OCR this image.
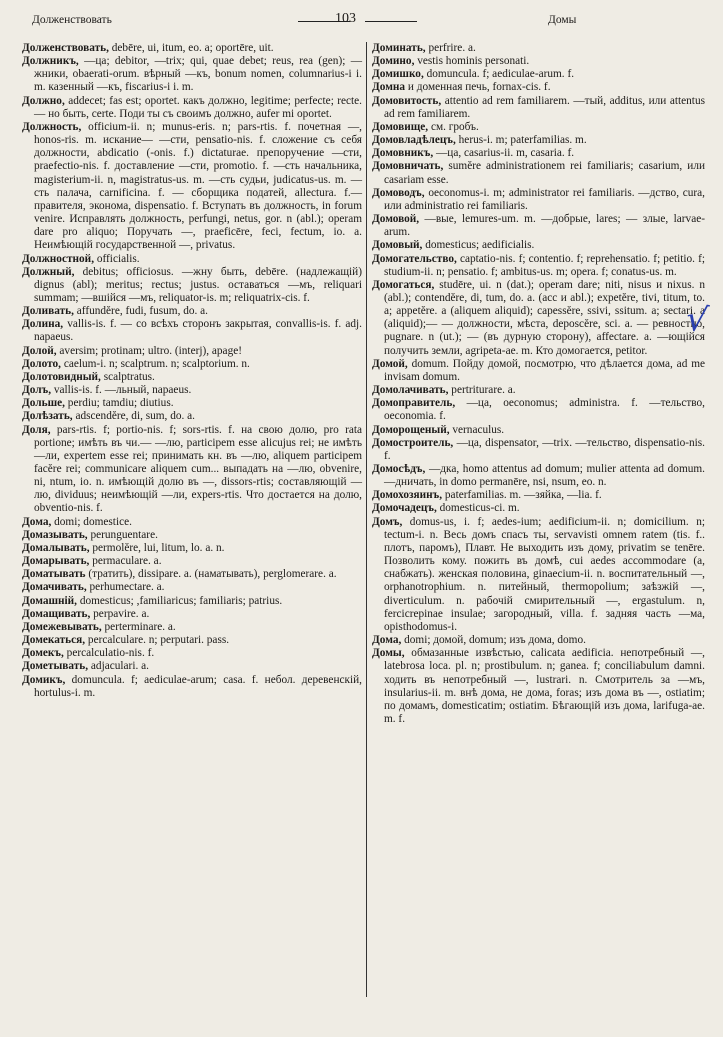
Долженствовать	103	Домы

Долженствовать, debēre, ui, itum, eo. a; oportēre, uit.

Должникъ, —ца; debitor, —trix; qui, quae debet; reus, rea (gen); —жники, obaerati-orum. вѣрный —къ, bonum nomen, columnarius-i i. m. казенный —къ, fiscarius-i i. m.

Должно, addecet; fas est; oportet. какъ должно, legitime; perfecte; recte. — но быть, certe. Поди ты съ своимъ должно, aufer mi oportet.

Должность, officium-ii. n; munus-eris. n; pars-rtis. f. почетная —, honos-ris. m. искание— —сти, pensatio-nis. f. сложение съ себя должности, abdicatio (-onis. f.) dictaturae. препоручение —сти, praefectio-nis. f. доставление —сти, promotio. f. —сть начальника, magisterium-ii. n, magistratus-us. m. —сть судьи, judicatus-us. m. —сть палача, carnificina. f. — сборщика податей, allectura. f.— правителя, эконома, dispensatio. f. Вступать въ должность, in forum venire. Исправлять должность, perfungi, netus, gor. n (abl.); operam dare pro aliquo; Поручать —, praeficēre, feci, fectum, io. a. Неимѣющій государственной —, privatus.

Должностной, officialis.

Должный, debitus; officiosus. —жну быть, debēre. (надлежащій) dignus (abl); meritus; rectus; justus. оставаться —мъ, reliquari summam; —вшійся —мъ, reliquator-is. m; reliquatrix-cis. f.

Доливать, affundĕre, fudi, fusum, do. a.

Долина, vallis-is. f. — со всѣхъ сторонъ закрытая, convallis-is. f. adj. napaeus.

Долой, aversim; protinam; ultro. (interj), apage!

Долото, caelum-i. n; scalptrum. n; scalptorium. n.

Долотовидный, scalptratus.

Долъ, vallis-is. f. —льный, napaeus.

Дольше, perdiu; tamdiu; diutius.

Долѣзать, adscendĕre, di, sum, do. a.

Доля, pars-rtis. f; portio-nis. f; sors-rtis. f. на свою долю, pro rata portione; имѣть въ чи.— —лю, participem esse alicujus rei; не имѣть —ли, expertem esse rei; принимать кн. въ —лю, aliquem participem facĕre rei; communicare aliquem cum... выпадать на —лю, obvenire, ni, ntum, io. n. имѣющій долю въ —, dissors-rtis; составляющій —лю, dividuus; неимѣющій —ли, expers-rtis. Что достается на долю, obventio-nis. f.

Дома, domi; domestice.

Домазывать, perunguentare.

Домалывать, permolĕre, lui, litum, lo. a. n.

Домарывать, permaculare. a.

Доматывать (тратить), dissipare. a. (наматывать), perglomerare. a.

Домачивать, perhumectare. a.

Домашній, domesticus; ,familiaricus; familiaris; patrius.

Домащивать, perpavire. a.

Домежевывать, perterminare. a.

Домекаться, percalculare. n; perputari. pass.

Домекъ, percalculatio-nis. f.

Дометывать, adjaculari. a.

Домикъ, domuncula. f; aediculae-arum; casa. f. небол. деревенскій, hortulus-i. m.

Доминать, perfrire. a.

Домино, vestis hominis personati.

Домишко, domuncula. f; aediculae-arum. f.

Домна и доменная печь, fornax-cis. f.

Домовитость, attentio ad rem familiarem. —тый, additus, или attentus ad rem familiarem.

Домовище, см. гробъ.

Домовладѣлецъ, herus-i. m; paterfamilias. m.

Домовникъ, —ца, casarius-ii. m, casaria. f.

Домовничать, sumĕre administrationem rei familiaris; casarium, или casariam esse.

Домоводъ, oeconomus-i. m; administrator rei familiaris. —дство, cura, или administratio rei familiaris.

Домовой, —вые, lemures-um. m. —добрые, lares; — злые, larvae-arum.

Домовый, domesticus; aedificialis.

Домогательство, captatio-nis. f; contentio. f; reprehensatio. f; petitio. f; studium-ii. n; pensatio. f; ambitus-us. m; opera. f; conatus-us. m.

Домогаться, studēre, ui. n (dat.); operam dare; niti, nisus и nixus. n (abl.); contendĕre, di, tum, do. a. (acc и abl.); expetĕre, tivi, titum, to. a; appetĕre. a (aliquem aliquid); capessĕre, ssivi, ssitum. a; sectari. a (aliquid);— — должности, мѣста, deposcĕre, sci. a. — ревностно, pugnare. n (ut.); — (въ дурную сторону), affectare. a. —ющійся получить земли, agripeta-ae. m. Кто домогается, petitor.

Домой, domum. Пойду домой, посмотрю, что дѣлается дома, ad me invisam domum.

Домолачивать, pertriturare. a.

Домоправитель, —ца, oeconomus; administra. f. —тельство, oeconomia. f.

Доморощеный, vernaculus.

Домостроитель, —ца, dispensator, —trix. —тельство, dispensatio-nis. f.

Домосѣдъ, —дка, homo attentus ad domum; mulier attenta ad domum. —дничать, in domo permanēre, nsi, nsum, eo. n.

Домохозяинъ, paterfamilias. m. —зяйка, —lia. f.

Домочадецъ, domesticus-ci. m.

Домъ, domus-us, i. f; aedes-ium; aedificium-ii. n; domicilium. n; tectum-i. n. Весь домъ спасъ ты, servavisti omnem ratem (tis. f.. плотъ, паромъ), Плавт. Не выходить изъ дому, privatim se tenēre. Позволить кому. пожить въ домѣ, cui aedes accommodare (a, снабжать). женская половина, ginaecium-ii. n. воспитательный —, orphanotrophium. n. питейный, thermopolium; заѣзжій —, diverticulum. n. рабочій смирительный —, ergastulum. n, fercicrepinae insulae; загородный, villa. f. задняя часть —ма, opisthodomus-i.

Дома, domi; домой, domum; изъ дома, domo.

Домы, обмазанные извѣстью, calicata aedificia. непотребный —, latebrosa loca. pl. n; prostibulum. n; ganea. f; conciliabulum damni. ходить въ непотребный —, lustrari. n. Смотритель за —мъ, insularius-ii. m. внѣ дома, не дома, foras; изъ дома въ —, ostiatim; по домамъ, domesticatim; ostiatim. Бѣгающій изъ дома, larifuga-ae. m. f.

√
